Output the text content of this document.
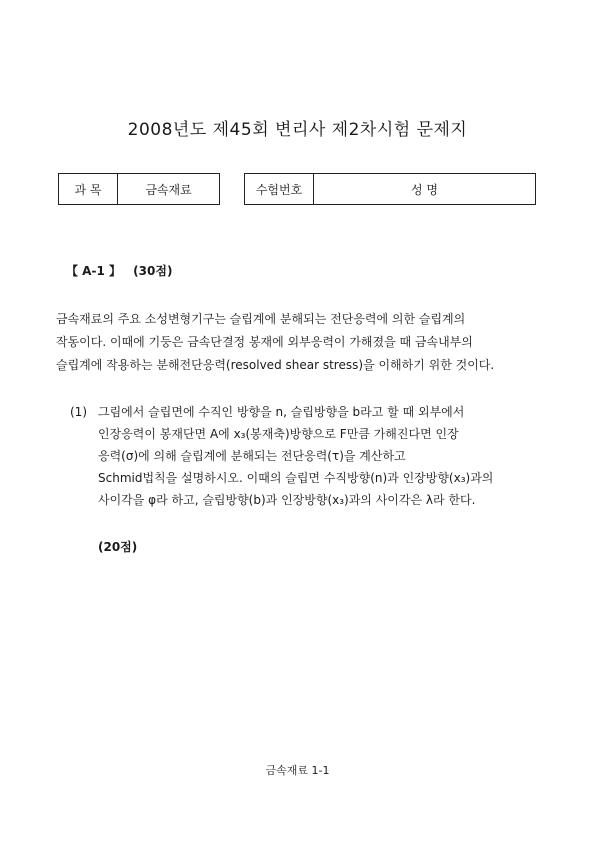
2008년도 제45회 변리사 제2차시험 문제지
과 목	금속재료	수험번호	성 명
【 A-1 】 (30점)
금속재료의 주요 소성변형기구는 슬립계에 분해되는 전단응력에 의한 슬립계의
작동이다. 이때에 기둥은 금속단결정 봉재에 외부응력이 가해졌을 때 금속내부의
슬립계에 작용하는 분해전단응력(resolved shear stress)을 이해하기 위한 것이다.
(1) 그림에서 슬립면에 수직인 방향을 n, 슬립방향을 b라고 할 때 외부에서
인장응력이 봉재단면 A에 x₃(봉재축)방향으로 F만큼 가해진다면 인장
응력(σ)에 의해 슬립계에 분해되는 전단응력(τ)을 계산하고
Schmid법칙을 설명하시오. 이때의 슬립면 수직방향(n)과 인장방향(x₃)과의
사이각을 φ라 하고, 슬립방향(b)과 인장방향(x₃)과의 사이각은 λ라 한다.
(20점)
금속재료 1-1
